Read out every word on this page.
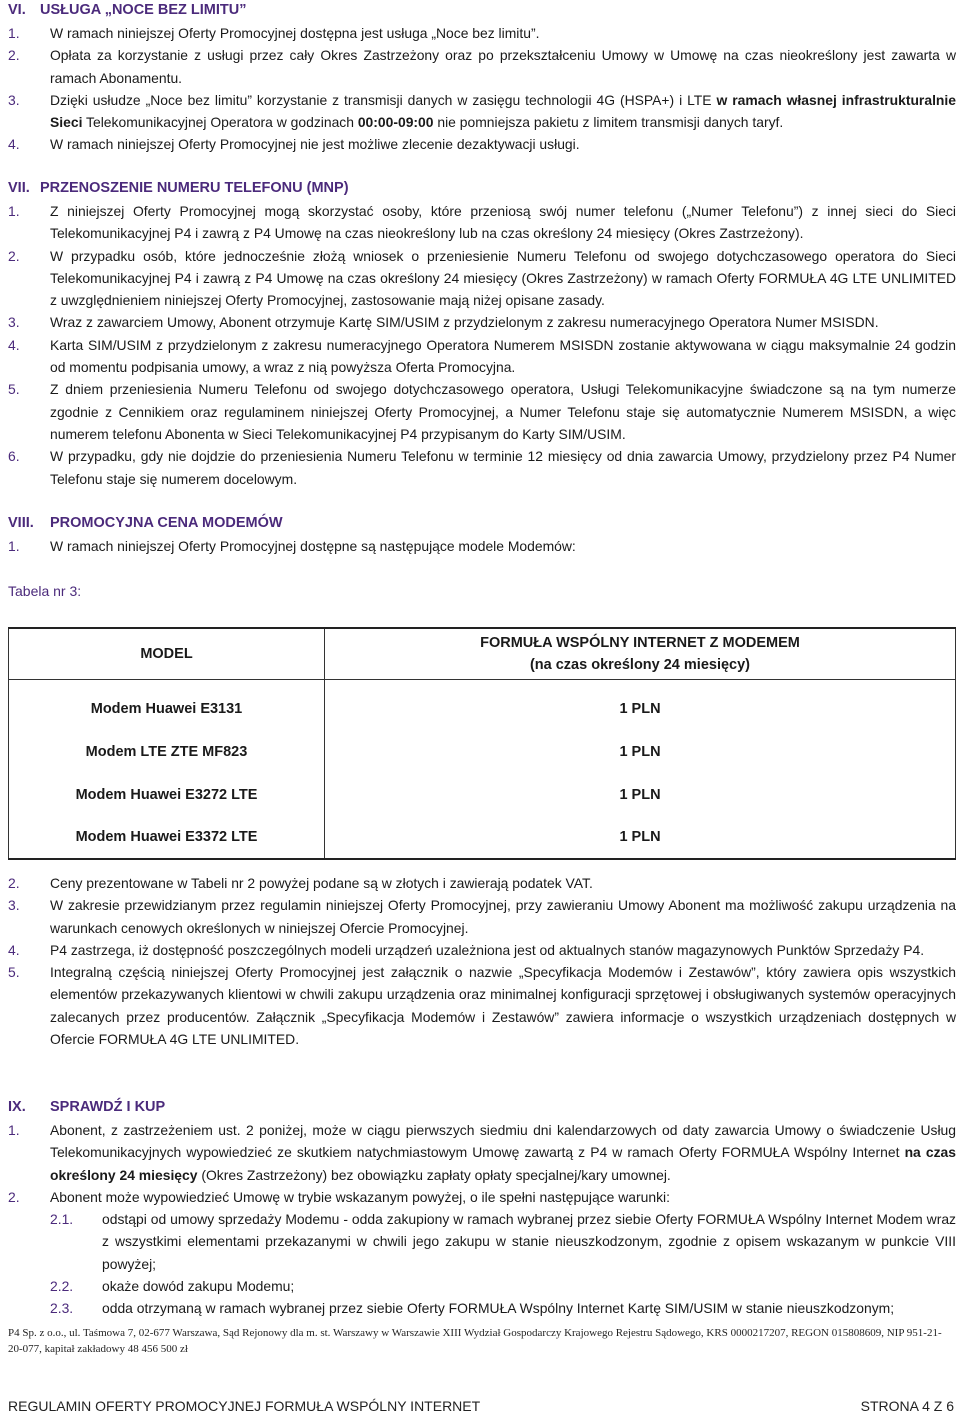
VI. USŁUGA „NOCE BEZ LIMITU”
1.	W ramach niniejszej Oferty Promocyjnej dostępna jest usługa „Noce bez limitu”.
2.	Opłata za korzystanie z usługi przez cały Okres Zastrzeżony oraz po przekształceniu Umowy w Umowę na czas nieokreślony jest zawarta w ramach Abonamentu.
3.	Dzięki usłudze „Noce bez limitu” korzystanie z transmisji danych w zasięgu technologii 4G (HSPA+) i LTE w ramach własnej infrastrukturalnie Sieci Telekomunikacyjnej Operatora w godzinach 00:00-09:00 nie pomniejsza pakietu z limitem transmisji danych taryf.
4.	W ramach niniejszej Oferty Promocyjnej nie jest możliwe zlecenie dezaktywacji usługi.
VII. PRZENOSZENIE NUMERU TELEFONU (MNP)
1.	Z niniejszej Oferty Promocyjnej mogą skorzystać osoby, które przeniosą swój numer telefonu („Numer Telefonu”) z innej sieci do Sieci Telekomunikacyjnej P4 i zawrą z P4 Umowę na czas nieokreślony lub na czas określony 24 miesięcy (Okres Zastrzeżony).
2.	W przypadku osób, które jednocześnie złożą wniosek o przeniesienie Numeru Telefonu od swojego dotychczasowego operatora do Sieci Telekomunikacyjnej P4 i zawrą z P4 Umowę na czas określony 24 miesięcy (Okres Zastrzeżony) w ramach Oferty FORMUŁA 4G LTE UNLIMITED z uwzględnieniem niniejszej Oferty Promocyjnej, zastosowanie mają niżej opisane zasady.
3.	Wraz z zawarciem Umowy, Abonent otrzymuje Kartę SIM/USIM z przydzielonym z zakresu numeracyjnego Operatora Numer MSISDN.
4.	Karta SIM/USIM z przydzielonym z zakresu numeracyjnego Operatora Numerem MSISDN zostanie aktywowana w ciągu maksymalnie 24 godzin od momentu podpisania umowy, a wraz z nią powyższa Oferta Promocyjna.
5.	Z dniem przeniesienia Numeru Telefonu od swojego dotychczasowego operatora, Usługi Telekomunikacyjne świadczone są na tym numerze zgodnie z Cennikiem oraz regulaminem niniejszej Oferty Promocyjnej, a Numer Telefonu staje się automatycznie Numerem MSISDN, a więc numerem telefonu Abonenta w Sieci Telekomunikacyjnej P4 przypisanym do Karty SIM/USIM.
6.	W przypadku, gdy nie dojdzie do przeniesienia Numeru Telefonu w terminie 12 miesięcy od dnia zawarcia Umowy, przydzielony przez P4 Numer Telefonu staje się numerem docelowym.
VIII.	PROMOCYJNA CENA MODEMÓW
1.	W ramach niniejszej Oferty Promocyjnej dostępne są następujące modele Modemów:
Tabela nr 3:
MODEL	FORMUŁA WSPÓLNY INTERNET Z MODEMEM
(na czas określony 24 miesięcy)

Modem Huawei E3131	1 PLN
Modem LTE ZTE MF823	1 PLN
Modem Huawei E3272 LTE	1 PLN
Modem Huawei E3372 LTE	1 PLN
2.	Ceny prezentowane w Tabeli nr 2 powyżej podane są w złotych i zawierają podatek VAT.
3.	W zakresie przewidzianym przez regulamin niniejszej Oferty Promocyjnej, przy zawieraniu Umowy Abonent ma możliwość zakupu urządzenia na warunkach cenowych określonych w niniejszej Ofercie Promocyjnej.
4.	P4 zastrzega, iż dostępność poszczególnych modeli urządzeń uzależniona jest od aktualnych stanów magazynowych Punktów Sprzedaży P4.
5.	Integralną częścią niniejszej Oferty Promocyjnej jest załącznik o nazwie „Specyfikacja Modemów i Zestawów”, który zawiera opis wszystkich elementów przekazywanych klientowi w chwili zakupu urządzenia oraz minimalnej konfiguracji sprzętowej i obsługiwanych systemów operacyjnych zalecanych przez producentów. Załącznik „Specyfikacja Modemów i Zestawów” zawiera informacje o wszystkich urządzeniach dostępnych w Ofercie FORMUŁA 4G LTE UNLIMITED.
IX.	SPRAWDŹ I KUP
1.	Abonent, z zastrzeżeniem ust. 2 poniżej, może w ciągu pierwszych siedmiu dni kalendarzowych od daty zawarcia Umowy o świadczenie Usług Telekomunikacyjnych wypowiedzieć ze skutkiem natychmiastowym Umowę zawartą z P4 w ramach Oferty FORMUŁA Wspólny Internet na czas określony 24 miesięcy (Okres Zastrzeżony) bez obowiązku zapłaty opłaty specjalnej/kary umownej.
2.	Abonent może wypowiedzieć Umowę w trybie wskazanym powyżej, o ile spełni następujące warunki:
2.1.	odstąpi od umowy sprzedaży Modemu - odda zakupiony w ramach wybranej przez siebie Oferty FORMUŁA Wspólny Internet Modem wraz z wszystkimi elementami przekazanymi w chwili jego zakupu w stanie nieuszkodzonym, zgodnie z opisem wskazanym w punkcie VIII powyżej;
2.2.	okaże dowód zakupu Modemu;
2.3.	odda otrzymaną w ramach wybranej przez siebie Oferty FORMUŁA Wspólny Internet Kartę SIM/USIM w stanie nieuszkodzonym;
P4 Sp. z o.o., ul. Taśmowa 7, 02-677 Warszawa, Sąd Rejonowy dla m. st. Warszawy w Warszawie XIII Wydział Gospodarczy Krajowego Rejestru Sądowego, KRS 0000217207, REGON 015808609, NIP 951-21-20-077, kapitał zakładowy 48 456 500 zł
REGULAMIN OFERTY PROMOCYJNEJ FORMUŁA WSPÓLNY INTERNET	STRONA 4 Z 6
